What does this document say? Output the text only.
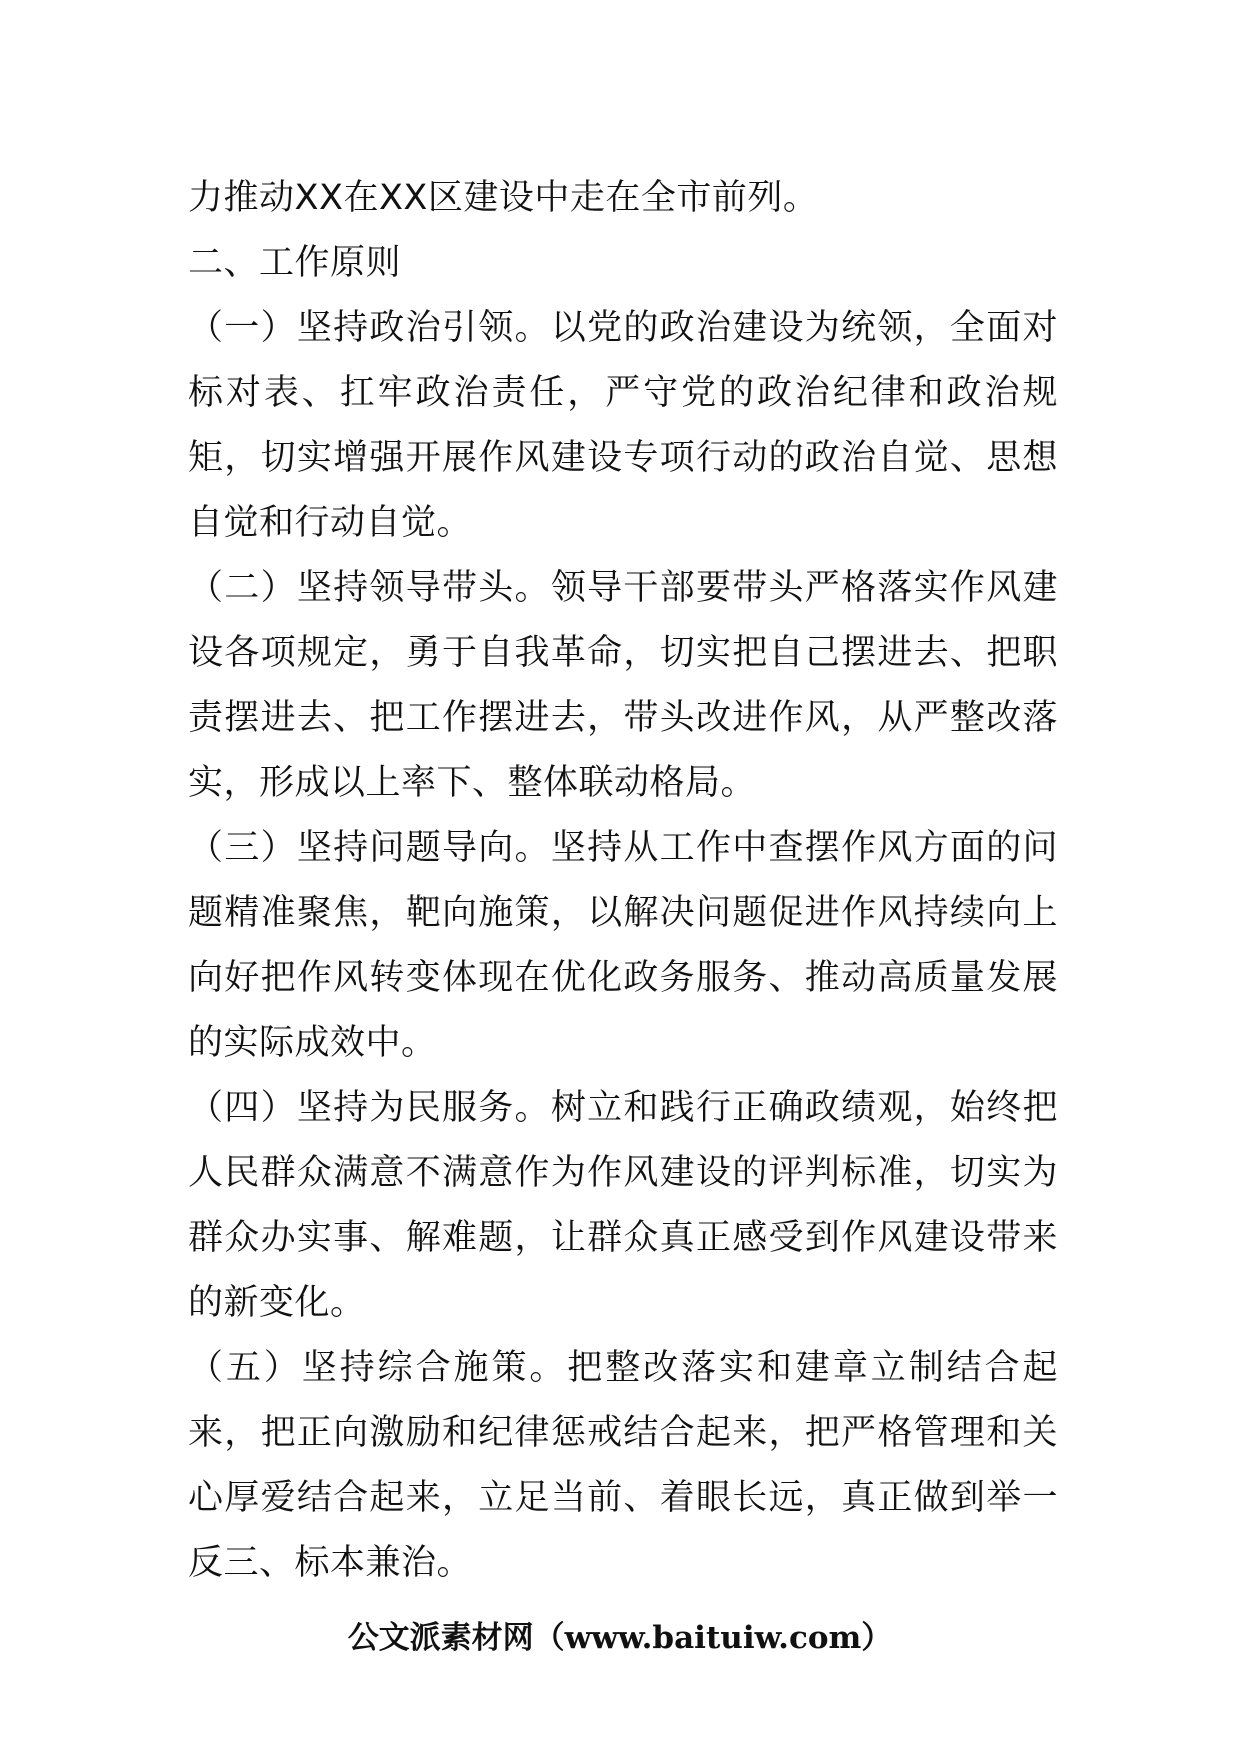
力推动XX在XX区建设中走在全市前列。

二、工作原则

（一）坚持政治引领。以党的政治建设为统领，全面对标对表、扛牢政治责任，严守党的政治纪律和政治规矩，切实增强开展作风建设专项行动的政治自觉、思想自觉和行动自觉。

（二）坚持领导带头。领导干部要带头严格落实作风建设各项规定，勇于自我革命，切实把自己摆进去、把职责摆进去、把工作摆进去，带头改进作风，从严整改落实，形成以上率下、整体联动格局。

（三）坚持问题导向。坚持从工作中查摆作风方面的问题精准聚焦，靶向施策，以解决问题促进作风持续向上向好把作风转变体现在优化政务服务、推动高质量发展的实际成效中。

（四）坚持为民服务。树立和践行正确政绩观，始终把人民群众满意不满意作为作风建设的评判标准，切实为群众办实事、解难题，让群众真正感受到作风建设带来的新变化。

（五）坚持综合施策。把整改落实和建章立制结合起来，把正向激励和纪律惩戒结合起来，把严格管理和关心厚爱结合起来，立足当前、着眼长远，真正做到举一反三、标本兼治。

公文派素材网（www.baituiw.com）
